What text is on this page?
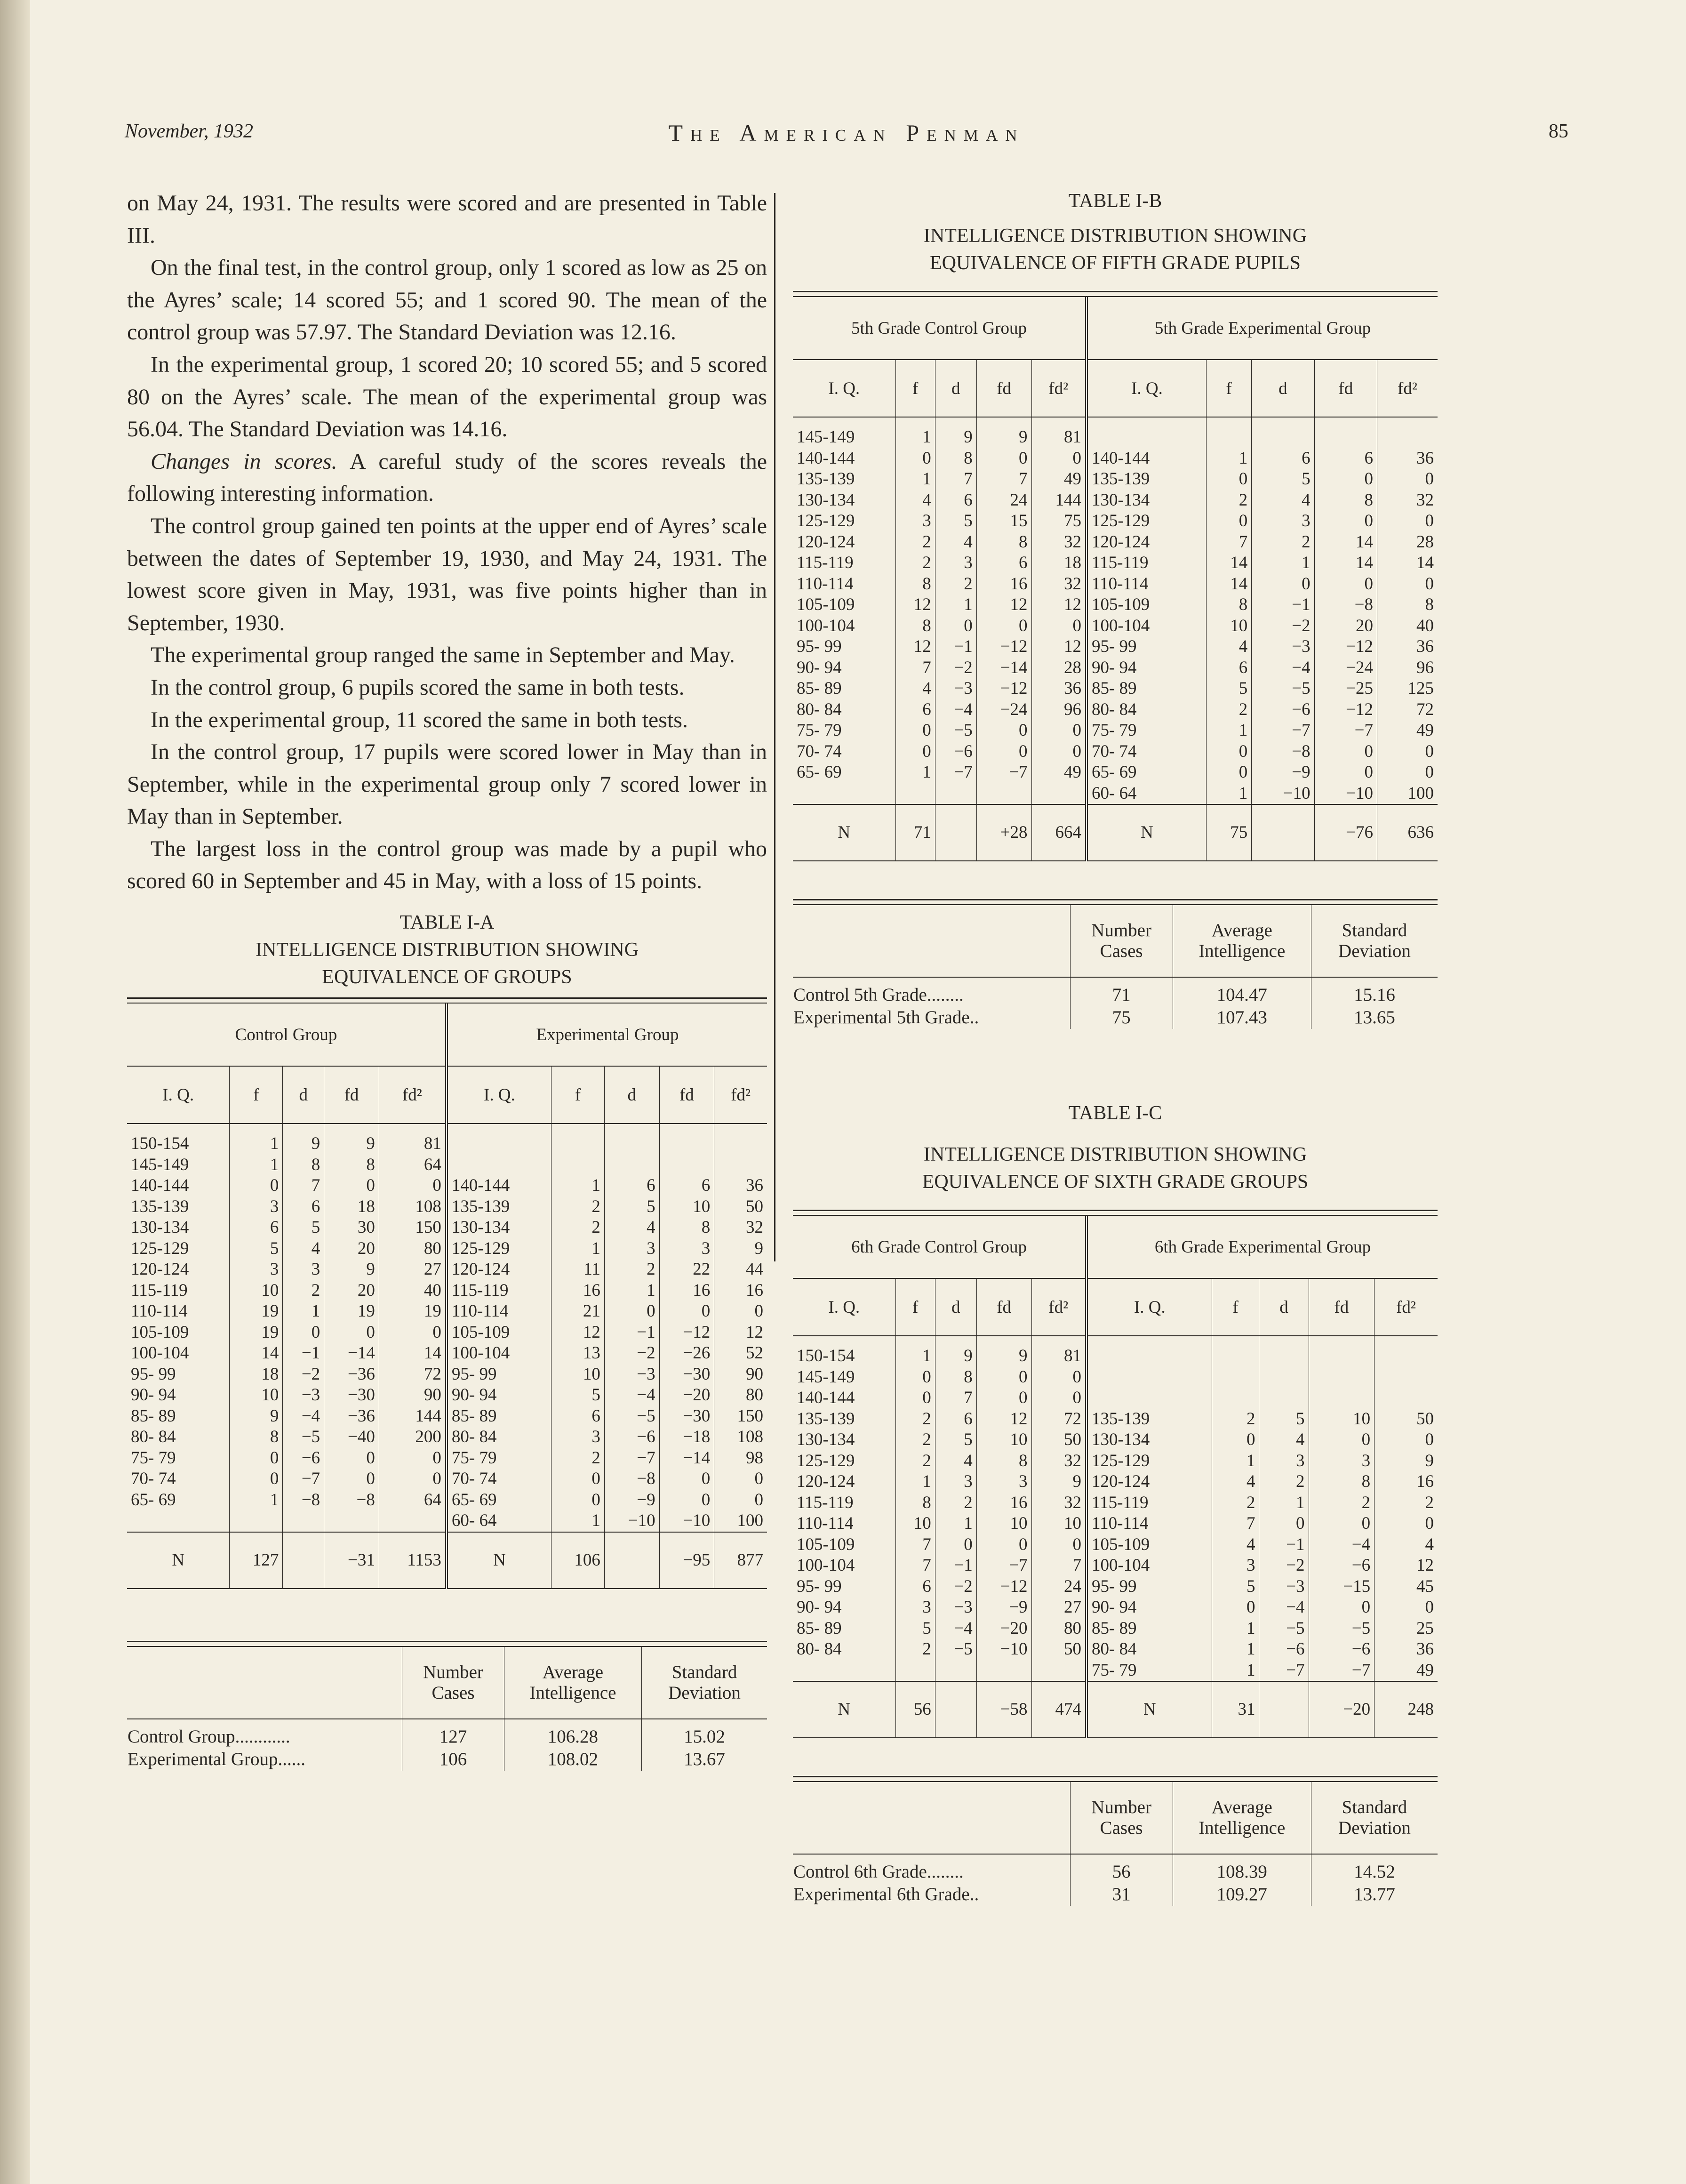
November, 1932	The American Penman	85

on May 24, 1931. The results were scored and are presented in Table III.

On the final test, in the control group, only 1 scored as low as 25 on the Ayres’ scale; 14 scored 55; and 1 scored 90. The mean of the control group was 57.97. The Standard Deviation was 12.16.

In the experimental group, 1 scored 20; 10 scored 55; and 5 scored 80 on the Ayres’ scale. The mean of the experimental group was 56.04. The Standard Deviation was 14.16.

Changes in scores. A careful study of the scores reveals the following interesting information.

The control group gained ten points at the upper end of Ayres’ scale between the dates of September 19, 1930, and May 24, 1931. The lowest score given in May, 1931, was five points higher than in September, 1930.

The experimental group ranged the same in September and May.

In the control group, 6 pupils scored the same in both tests.

In the experimental group, 11 scored the same in both tests.

In the control group, 17 pupils were scored lower in May than in September, while in the experimental group only 7 scored lower in May than in September.

The largest loss in the control group was made by a pupil who scored 60 in September and 45 in May, with a loss of 15 points.

TABLE I-A
INTELLIGENCE DISTRIBUTION SHOWING
EQUIVALENCE OF GROUPS
Control Group					Experimental Group				
I. Q.	f	d	fd	fd²	I. Q.	f	d	fd	fd²

150-154	1	9	9	81					
145-149	1	8	8	64					
140-144	0	7	0	0	140-144	1	6	6	36
135-139	3	6	18	108	135-139	2	5	10	50
130-134	6	5	30	150	130-134	2	4	8	32
125-129	5	4	20	80	125-129	1	3	3	9
120-124	3	3	9	27	120-124	11	2	22	44
115-119	10	2	20	40	115-119	16	1	16	16
110-114	19	1	19	19	110-114	21	0	0	0
105-109	19	0	0	0	105-109	12	−1	−12	12
100-104	14	−1	−14	14	100-104	13	−2	−26	52
95- 99	18	−2	−36	72	95- 99	10	−3	−30	90
90- 94	10	−3	−30	90	90- 94	5	−4	−20	80
85- 89	9	−4	−36	144	85- 89	6	−5	−30	150
80- 84	8	−5	−40	200	80- 84	3	−6	−18	108
75- 79	0	−6	0	0	75- 79	2	−7	−14	98
70- 74	0	−7	0	0	70- 74	0	−8	0	0
65- 69	1	−8	−8	64	65- 69	0	−9	0	0
					60- 64	1	−10	−10	100
N	127		−31	1153	N	106		−95	877
	Number Cases	Average Intelligence	Standard Deviation
Control Group............	127	106.28	15.02
Experimental Group......	106	108.02	13.67
TABLE I-B
INTELLIGENCE DISTRIBUTION SHOWING
EQUIVALENCE OF FIFTH GRADE PUPILS
5th Grade Control Group					5th Grade Experimental Group				
I. Q.	f	d	fd	fd²	I. Q.	f	d	fd	fd²

145-149	1	9	9	81					
140-144	0	8	0	0	140-144	1	6	6	36
135-139	1	7	7	49	135-139	0	5	0	0
130-134	4	6	24	144	130-134	2	4	8	32
125-129	3	5	15	75	125-129	0	3	0	0
120-124	2	4	8	32	120-124	7	2	14	28
115-119	2	3	6	18	115-119	14	1	14	14
110-114	8	2	16	32	110-114	14	0	0	0
105-109	12	1	12	12	105-109	8	−1	−8	8
100-104	8	0	0	0	100-104	10	−2	20	40
95- 99	12	−1	−12	12	95- 99	4	−3	−12	36
90- 94	7	−2	−14	28	90- 94	6	−4	−24	96
85- 89	4	−3	−12	36	85- 89	5	−5	−25	125
80- 84	6	−4	−24	96	80- 84	2	−6	−12	72
75- 79	0	−5	0	0	75- 79	1	−7	−7	49
70- 74	0	−6	0	0	70- 74	0	−8	0	0
65- 69	1	−7	−7	49	65- 69	0	−9	0	0
					60- 64	1	−10	−10	100
N	71		+28	664	N	75		−76	636
	Number Cases	Average Intelligence	Standard Deviation
Control 5th Grade........	71	104.47	15.16
Experimental 5th Grade..	75	107.43	13.65
TABLE I-C
INTELLIGENCE DISTRIBUTION SHOWING
EQUIVALENCE OF SIXTH GRADE GROUPS
6th Grade Control Group					6th Grade Experimental Group				
I. Q.	f	d	fd	fd²	I. Q.	f	d	fd	fd²

150-154	1	9	9	81					
145-149	0	8	0	0					
140-144	0	7	0	0					
135-139	2	6	12	72	135-139	2	5	10	50
130-134	2	5	10	50	130-134	0	4	0	0
125-129	2	4	8	32	125-129	1	3	3	9
120-124	1	3	3	9	120-124	4	2	8	16
115-119	8	2	16	32	115-119	2	1	2	2
110-114	10	1	10	10	110-114	7	0	0	0
105-109	7	0	0	0	105-109	4	−1	−4	4
100-104	7	−1	−7	7	100-104	3	−2	−6	12
95- 99	6	−2	−12	24	95- 99	5	−3	−15	45
90- 94	3	−3	−9	27	90- 94	0	−4	0	0
85- 89	5	−4	−20	80	85- 89	1	−5	−5	25
80- 84	2	−5	−10	50	80- 84	1	−6	−6	36
					75- 79	1	−7	−7	49
N	56		−58	474	N	31		−20	248
	Number Cases	Average Intelligence	Standard Deviation
Control 6th Grade........	56	108.39	14.52
Experimental 6th Grade..	31	109.27	13.77
